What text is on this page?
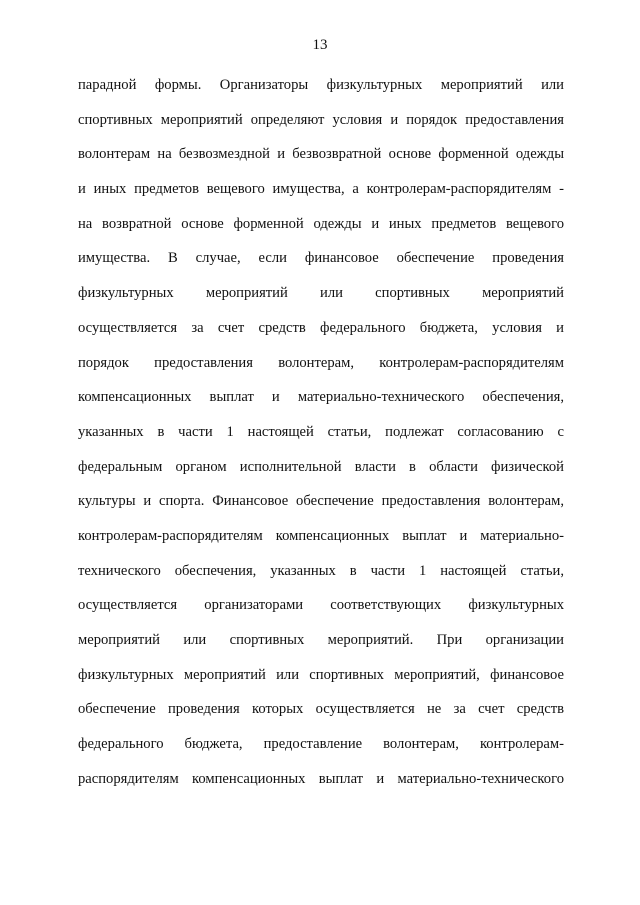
13
парадной формы. Организаторы физкультурных мероприятий или
спортивных мероприятий определяют условия и порядок предоставления
волонтерам на безвозмездной и безвозвратной основе форменной одежды
и иных предметов вещевого имущества, а контролерам-распорядителям -
на возвратной основе форменной одежды и иных предметов вещевого
имущества. В случае, если финансовое обеспечение проведения
физкультурных мероприятий или спортивных мероприятий
осуществляется за счет средств федерального бюджета, условия и
порядок предоставления волонтерам, контролерам-распорядителям
компенсационных выплат и материально-технического обеспечения,
указанных в части 1 настоящей статьи, подлежат согласованию с
федеральным органом исполнительной власти в области физической
культуры и спорта. Финансовое обеспечение предоставления волонтерам,
контролерам-распорядителям компенсационных выплат и материально-
технического обеспечения, указанных в части 1 настоящей статьи,
осуществляется организаторами соответствующих физкультурных
мероприятий или спортивных мероприятий. При организации
физкультурных мероприятий или спортивных мероприятий, финансовое
обеспечение проведения которых осуществляется не за счет средств
федерального бюджета, предоставление волонтерам, контролерам-
распорядителям компенсационных выплат и материально-технического
